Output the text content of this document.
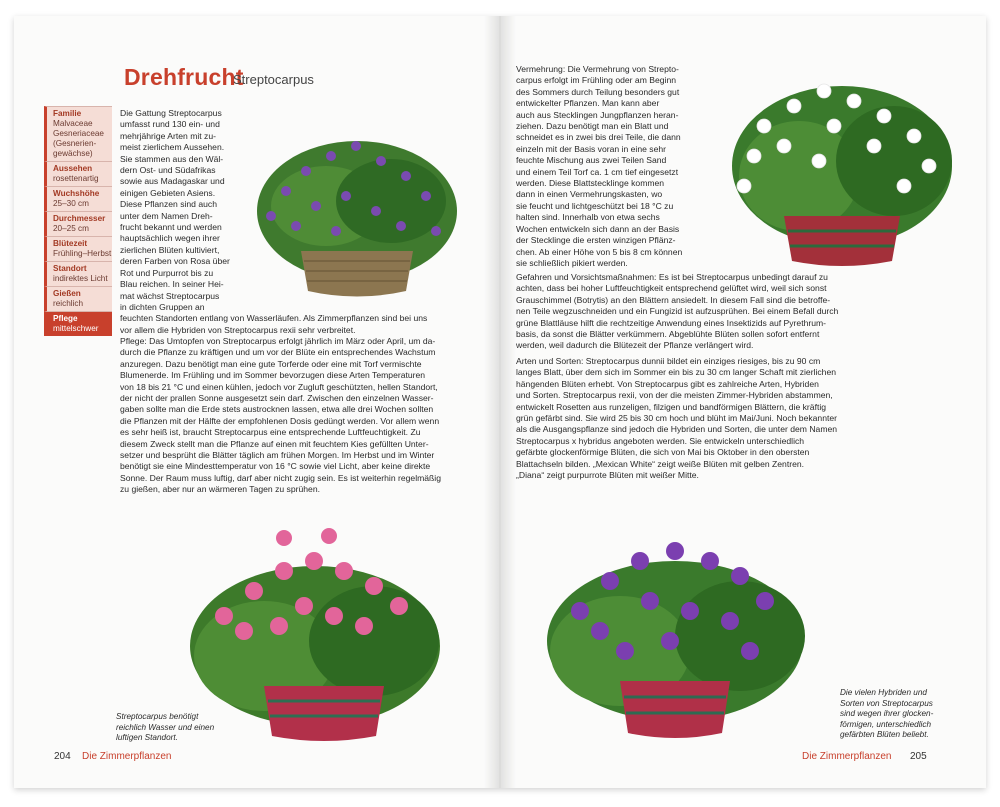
Drehfrucht
Streptocarpus
Familie
Malvaceae Gesneriaceae (Gesnerien-gewächse)
Aussehen
rosettenartig
Wuchshöhe
25–30 cm
Durchmesser
20–25 cm
Blütezeit
Frühling–Herbst
Standort
indirektes Licht
Gießen
reichlich
Pflege
mittelschwer
Die Gattung Streptocarpus
umfasst rund 130 ein- und
mehrjährige Arten mit zu-
meist zierlichem Aussehen.
Sie stammen aus den Wäl-
dern Ost- und Südafrikas
sowie aus Madagaskar und
einigen Gebieten Asiens.
Diese Pflanzen sind auch
unter dem Namen Dreh-
frucht bekannt und werden
hauptsächlich wegen ihrer
zierlichen Blüten kultiviert,
deren Farben von Rosa über
Rot und Purpurrot bis zu
Blau reichen. In seiner Hei-
mat wächst Streptocarpus
in dichten Gruppen an
feuchten Standorten entlang von Wasserläufen. Als Zimmerpflanzen sind bei uns
vor allem die Hybriden von Streptocarpus rexii sehr verbreitet.
Pflege: Das Umtopfen von Streptocarpus erfolgt jährlich im März oder April, um da-
durch die Pflanze zu kräftigen und um vor der Blüte ein entsprechendes Wachstum
anzuregen. Dazu benötigt man eine gute Torferde oder eine mit Torf vermischte
Blumenerde. Im Frühling und im Sommer bevorzugen diese Arten Temperaturen
von 18 bis 21 °C und einen kühlen, jedoch vor Zugluft geschützten, hellen Standort,
der nicht der prallen Sonne ausgesetzt sein darf. Zwischen den einzelnen Wasser-
gaben sollte man die Erde stets austrocknen lassen, etwa alle drei Wochen sollten
die Pflanzen mit der Hälfte der empfohlenen Dosis gedüngt werden. Vor allem wenn
es sehr heiß ist, braucht Streptocarpus eine entsprechende Luftfeuchtigkeit. Zu
diesem Zweck stellt man die Pflanze auf einen mit feuchtem Kies gefüllten Unter-
setzer und besprüht die Blätter täglich am frühen Morgen. Im Herbst und im Winter
benötigt sie eine Mindesttemperatur von 16 °C sowie viel Licht, aber keine direkte
Sonne. Der Raum muss luftig, darf aber nicht zugig sein. Es ist weiterhin regelmäßig
zu gießen, aber nur an wärmeren Tagen zu sprühen.
Streptocarpus benötigt
reichlich Wasser und einen
luftigen Standort.
204 Die Zimmerpflanzen
Vermehrung: Die Vermehrung von Strepto-
carpus erfolgt im Frühling oder am Beginn
des Sommers durch Teilung besonders gut
entwickelter Pflanzen. Man kann aber
auch aus Stecklingen Jungpflanzen heran-
ziehen. Dazu benötigt man ein Blatt und
schneidet es in zwei bis drei Teile, die dann
einzeln mit der Basis voran in eine sehr
feuchte Mischung aus zwei Teilen Sand
und einem Teil Torf ca. 1 cm tief eingesetzt
werden. Diese Blattstecklinge kommen
dann in einen Vermehrungskasten, wo
sie feucht und lichtgeschützt bei 18 °C zu
halten sind. Innerhalb von etwa sechs
Wochen entwickeln sich dann an der Basis
der Stecklinge die ersten winzigen Pflänz-
chen. Ab einer Höhe von 5 bis 8 cm können
sie schließlich pikiert werden.
Gefahren und Vorsichtsmaßnahmen: Es ist bei Streptocarpus unbedingt darauf zu
achten, dass bei hoher Luftfeuchtigkeit entsprechend gelüftet wird, weil sich sonst
Grauschimmel (Botrytis) an den Blättern ansiedelt. In diesem Fall sind die betroffe-
nen Teile wegzuschneiden und ein Fungizid ist aufzusprühen. Bei einem Befall durch
grüne Blattläuse hilft die rechtzeitige Anwendung eines Insektizids auf Pyrethrum-
basis, da sonst die Blätter verkümmern. Abgeblühte Blüten sollen sofort entfernt
werden, weil dadurch die Blütezeit der Pflanze verlängert wird.
Arten und Sorten: Streptocarpus dunnii bildet ein einziges riesiges, bis zu 90 cm
langes Blatt, über dem sich im Sommer ein bis zu 30 cm langer Schaft mit zierlichen
hängenden Blüten erhebt. Von Streptocarpus gibt es zahlreiche Arten, Hybriden
und Sorten. Streptocarpus rexii, von der die meisten Zimmer-Hybriden abstammen,
entwickelt Rosetten aus runzeligen, filzigen und bandförmigen Blättern, die kräftig
grün gefärbt sind. Sie wird 25 bis 30 cm hoch und blüht im Mai/Juni. Noch bekannter
als die Ausgangspflanze sind jedoch die Hybriden und Sorten, die unter dem Namen
Streptocarpus x hybridus angeboten werden. Sie entwickeln unterschiedlich
gefärbte glockenförmige Blüten, die sich von Mai bis Oktober in den obersten
Blattachseln bilden. „Mexican White“ zeigt weiße Blüten mit gelben Zentren.
„Diana“ zeigt purpurrote Blüten mit weißer Mitte.
Die vielen Hybriden und
Sorten von Streptocarpus
sind wegen ihrer glocken-
förmigen, unterschiedlich
gefärbten Blüten beliebt.
Die Zimmerpflanzen 205
